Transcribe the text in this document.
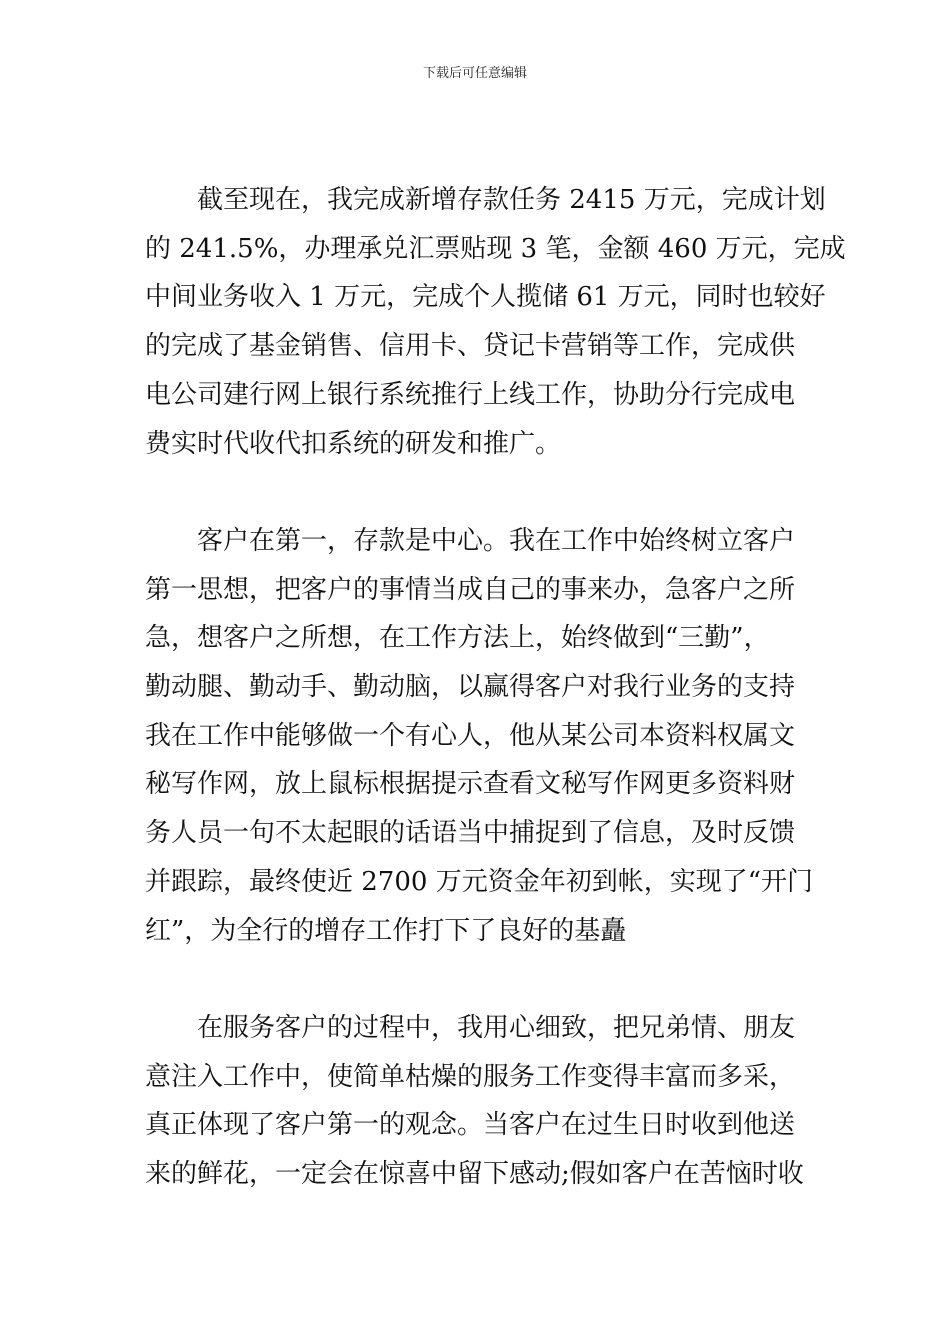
下载后可任意编辑
截至现在，我完成新增存款任务 2415 万元，完成计划
的 241.5%，办理承兑汇票贴现 3 笔，金额 460 万元，完成
中间业务收入 1 万元，完成个人揽储 61 万元，同时也较好
的完成了基金销售、信用卡、贷记卡营销等工作，完成供
电公司建行网上银行系统推行上线工作，协助分行完成电
费实时代收代扣系统的研发和推广。
客户在第一，存款是中心。我在工作中始终树立客户
第一思想，把客户的事情当成自己的事来办，急客户之所
急，想客户之所想，在工作方法上，始终做到“三勤”，
勤动腿、勤动手、勤动脑，以赢得客户对我行业务的支持
我在工作中能够做一个有心人，他从某公司本资料权属文
秘写作网，放上鼠标根据提示查看文秘写作网更多资料财
务人员一句不太起眼的话语当中捕捉到了信息，及时反馈
并跟踪，最终使近 2700 万元资金年初到帐，实现了“开门
红”，为全行的增存工作打下了良好的基矗
在服务客户的过程中，我用心细致，把兄弟情、朋友
意注入工作中，使简单枯燥的服务工作变得丰富而多采，
真正体现了客户第一的观念。当客户在过生日时收到他送
来的鲜花，一定会在惊喜中留下感动;假如客户在苦恼时收
